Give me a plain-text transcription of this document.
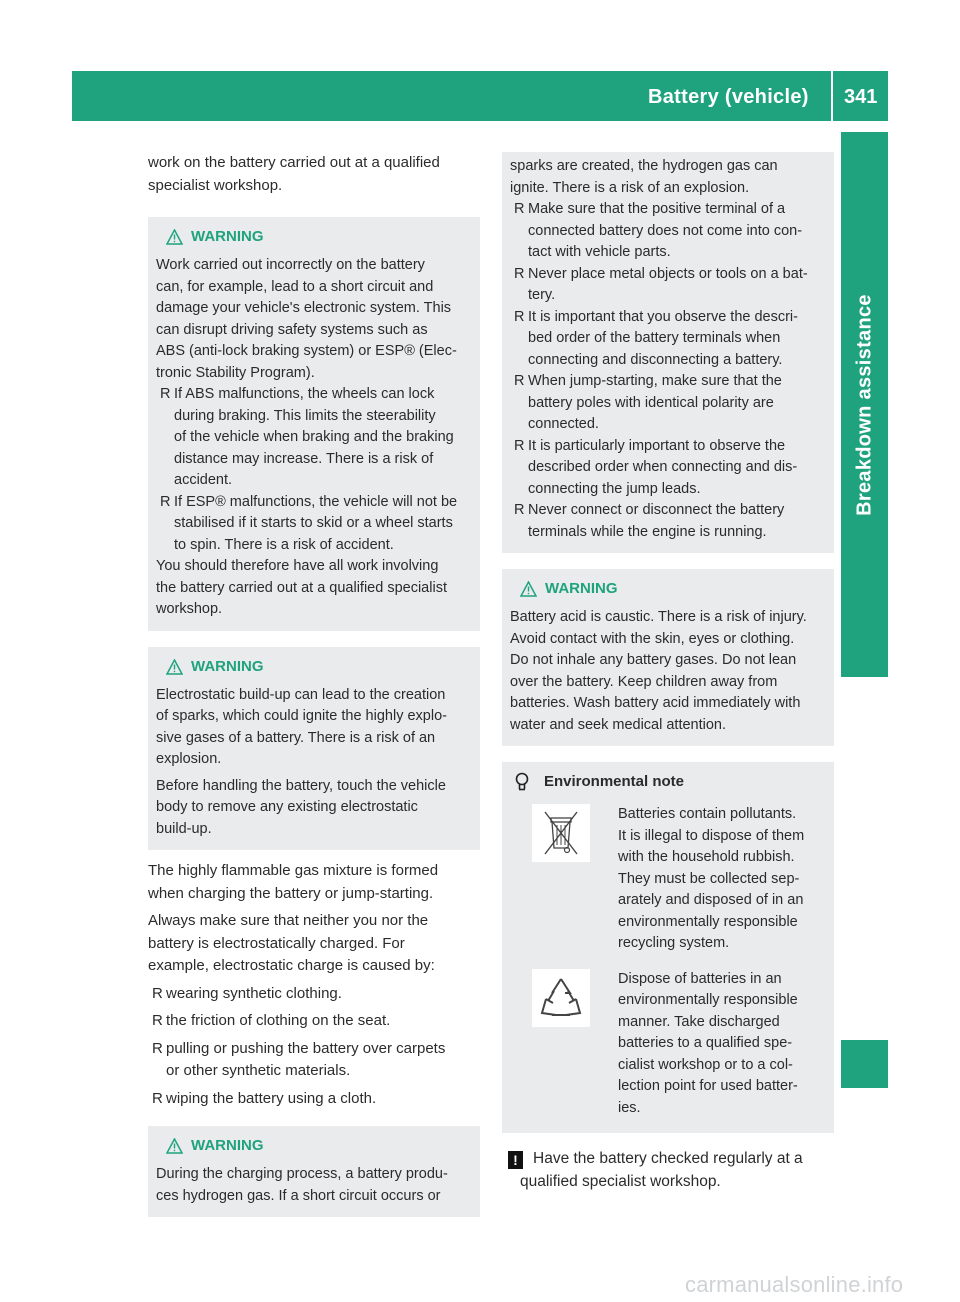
Battery (vehicle) 341
Breakdown assistance

work on the battery carried out at a qualified
specialist workshop.

WARNING

Work carried out incorrectly on the battery
can, for example, lead to a short circuit and
damage your vehicle's electronic system. This
can disrupt driving safety systems such as
ABS (anti-lock braking system) or ESP® (Elec-
tronic Stability Program).

R If ABS malfunctions, the wheels can lock
during braking. This limits the steerability
of the vehicle when braking and the braking
distance may increase. There is a risk of
accident.
R If ESP® malfunctions, the vehicle will not be
stabilised if it starts to skid or a wheel starts
to spin. There is a risk of accident.

You should therefore have all work involving
the battery carried out at a qualified specialist
workshop.

WARNING

Electrostatic build-up can lead to the creation
of sparks, which could ignite the highly explo-
sive gases of a battery. There is a risk of an
explosion.

Before handling the battery, touch the vehicle
body to remove any existing electrostatic
build-up.

The highly flammable gas mixture is formed
when charging the battery or jump-starting.

Always make sure that neither you nor the
battery is electrostatically charged. For
example, electrostatic charge is caused by:

R wearing synthetic clothing.
R the friction of clothing on the seat.
R pulling or pushing the battery over carpets
or other synthetic materials.
R wiping the battery using a cloth.
WARNING

During the charging process, a battery produ-
ces hydrogen gas. If a short circuit occurs or

sparks are created, the hydrogen gas can
ignite. There is a risk of an explosion.

R Make sure that the positive terminal of a
connected battery does not come into con-
tact with vehicle parts.
R Never place metal objects or tools on a bat-
tery.
R It is important that you observe the descri-
bed order of the battery terminals when
connecting and disconnecting a battery.
R When jump-starting, make sure that the
battery poles with identical polarity are
connected.
R It is particularly important to observe the
described order when connecting and dis-
connecting the jump leads.
R Never connect or disconnect the battery
terminals while the engine is running.
WARNING

Battery acid is caustic. There is a risk of injury.
Avoid contact with the skin, eyes or clothing.
Do not inhale any battery gases. Do not lean
over the battery. Keep children away from
batteries. Wash battery acid immediately with
water and seek medical attention.

Environmental note

Batteries contain pollutants.
It is illegal to dispose of them
with the household rubbish.
They must be collected sep-
arately and disposed of in an
environmentally responsible
recycling system.

Dispose of batteries in an
environmentally responsible
manner. Take discharged
batteries to a qualified spe-
cialist workshop or to a col-
lection point for used batter-
ies.

! Have the battery checked regularly at a
qualified specialist workshop.
carmanualsonline.info
